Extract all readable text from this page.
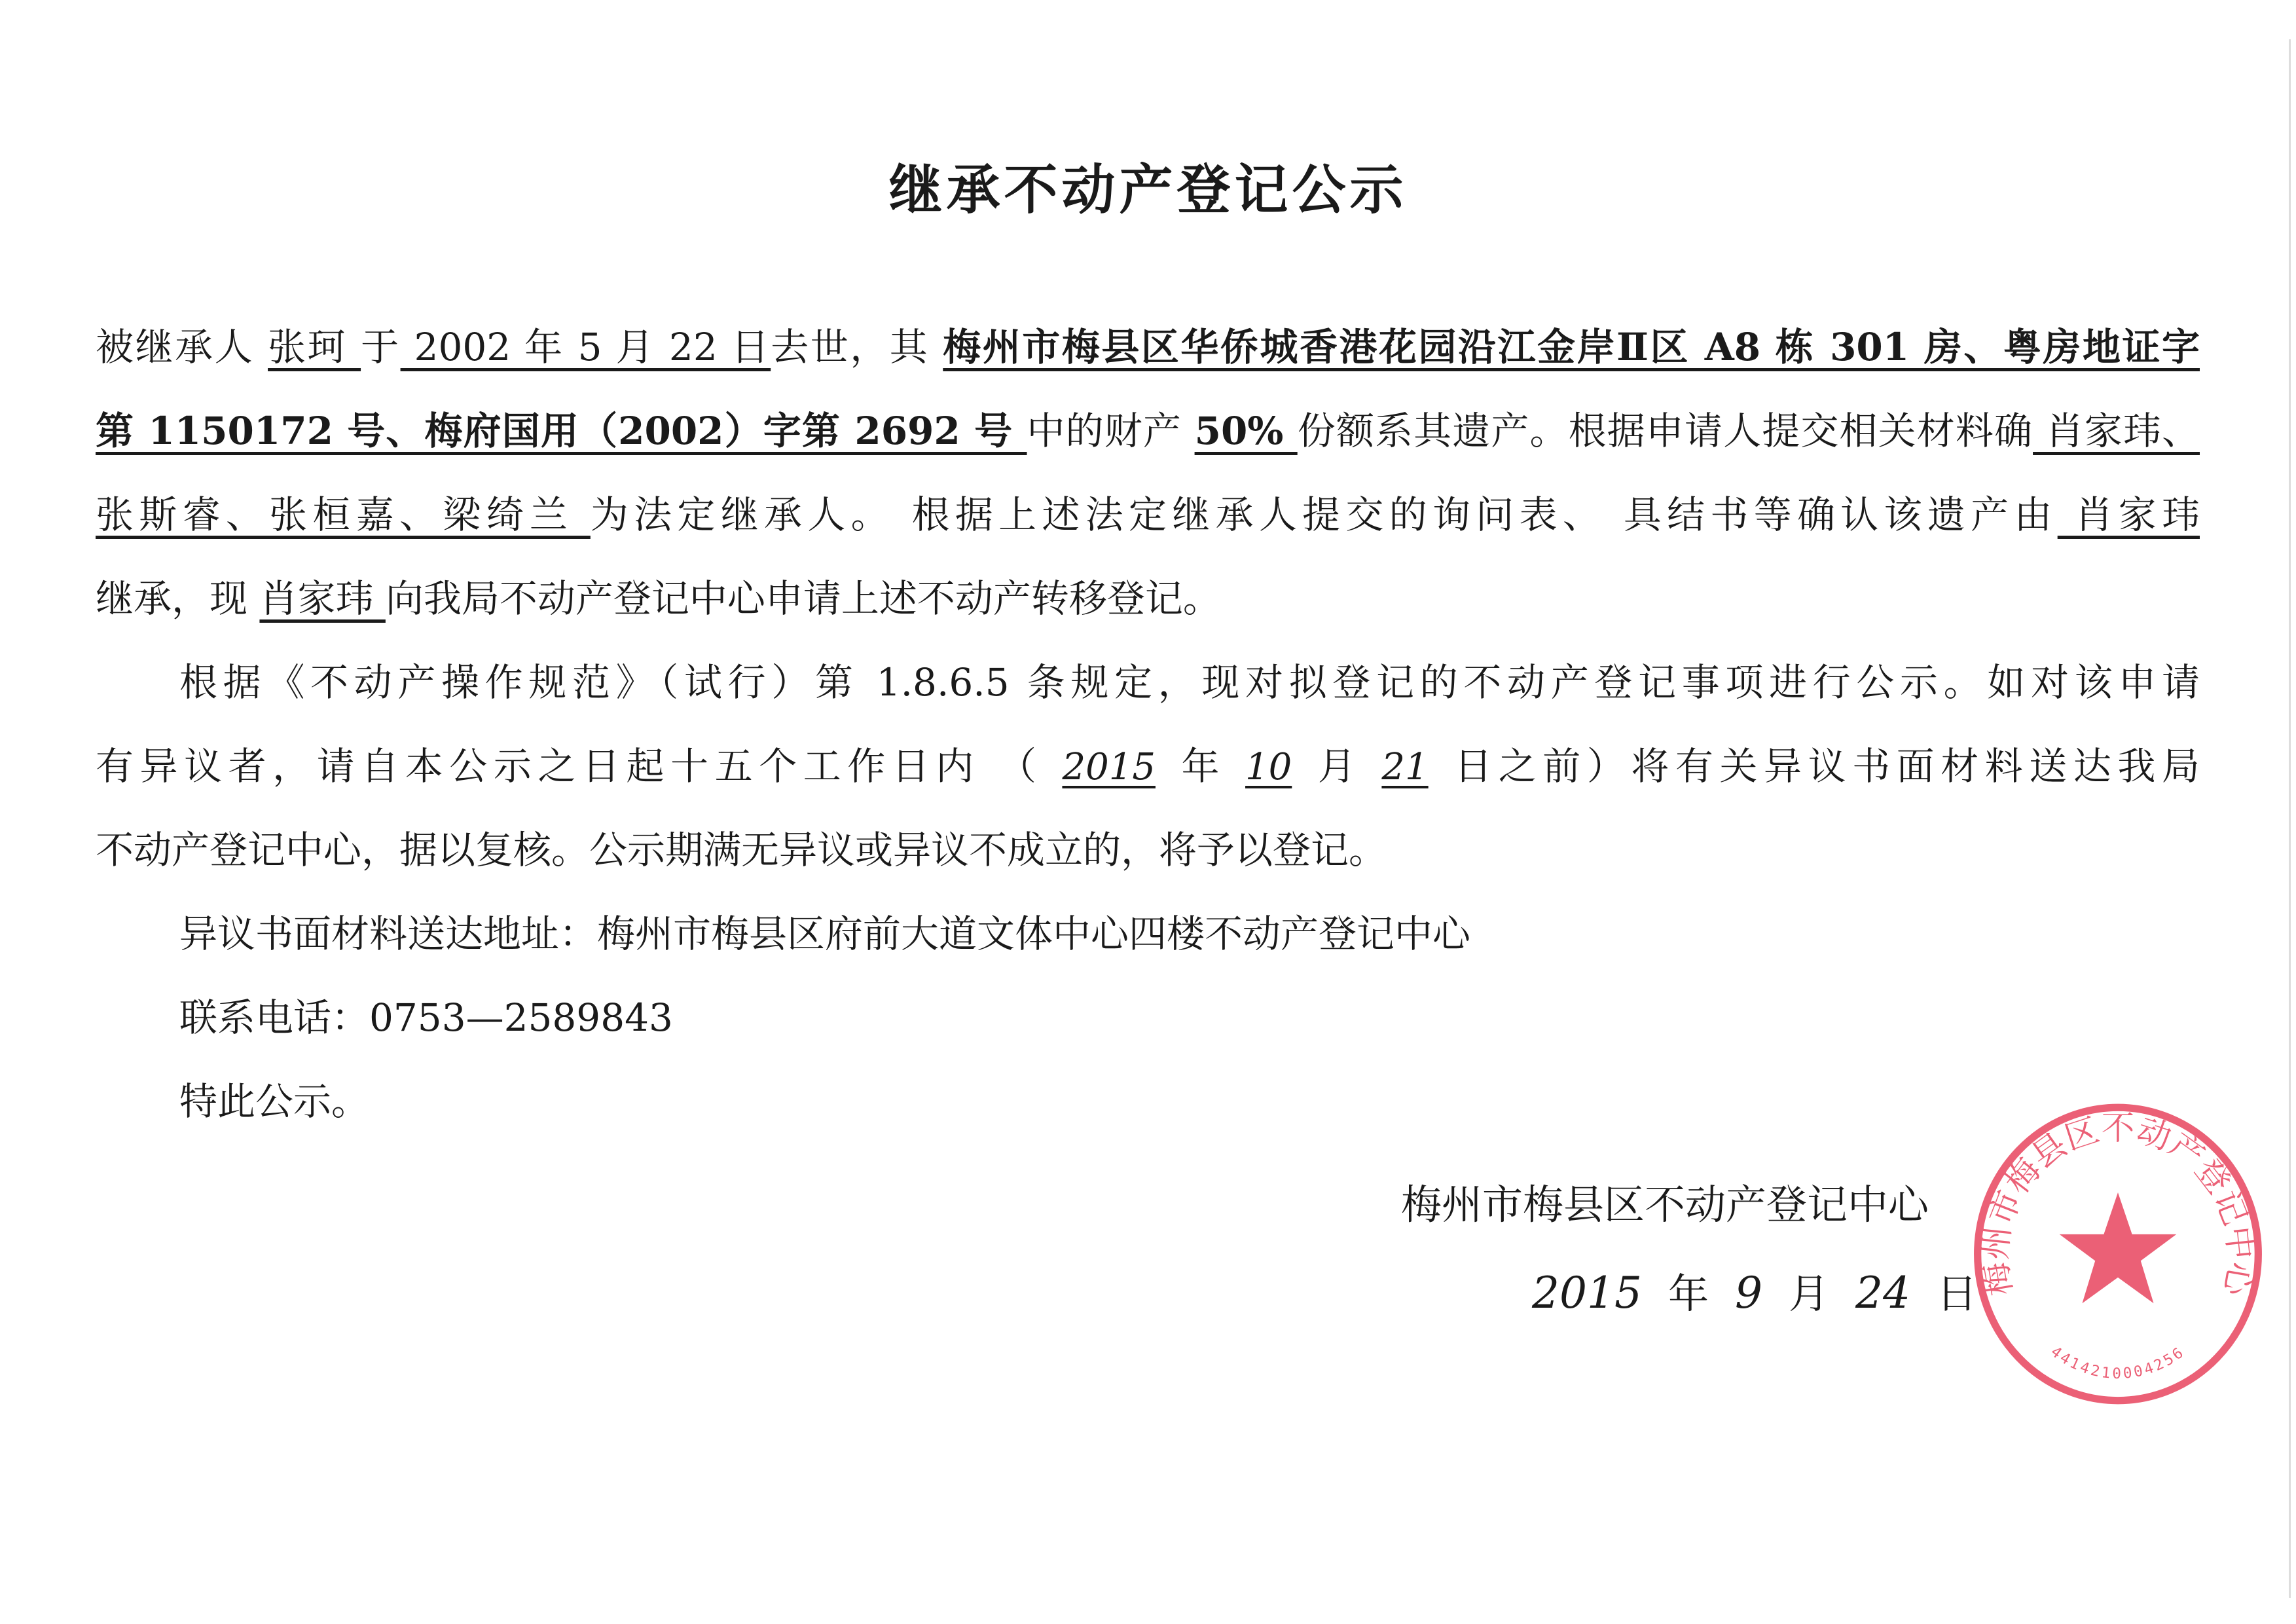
继承不动产登记公示
被继承人 张珂 于 2002 年 5 月 22 日去世，其 梅州市梅县区华侨城香港花园沿江金岸Ⅱ区 A8 栋 301 房、粤房地证字
第 1150172 号、梅府国用（2002）字第 2692 号 中的财产 50% 份额系其遗产。根据申请人提交相关材料确 肖家玮、
张斯睿、张桓嘉、梁绮兰 为法定继承人。 根据上述法定继承人提交的询问表、 具结书等确认该遗产由 肖家玮
继承，现 肖家玮 向我局不动产登记中心申请上述不动产转移登记。
根据《不动产操作规范》（试行）第 1.8.6.5 条规定，现对拟登记的不动产登记事项进行公示。如对该申请
有异议者，请自本公示之日起十五个工作日内 （ 2015 年 10 月 21 日之前）将有关异议书面材料送达我局
不动产登记中心，据以复核。公示期满无异议或异议不成立的，将予以登记。
异议书面材料送达地址：梅州市梅县区府前大道文体中心四楼不动产登记中心
联系电话：0753—2589843
特此公示。
梅州市梅县区不动产登记中心
2015 年 9 月 24 日
梅州市梅县区不动产登记中心
4414210004256
